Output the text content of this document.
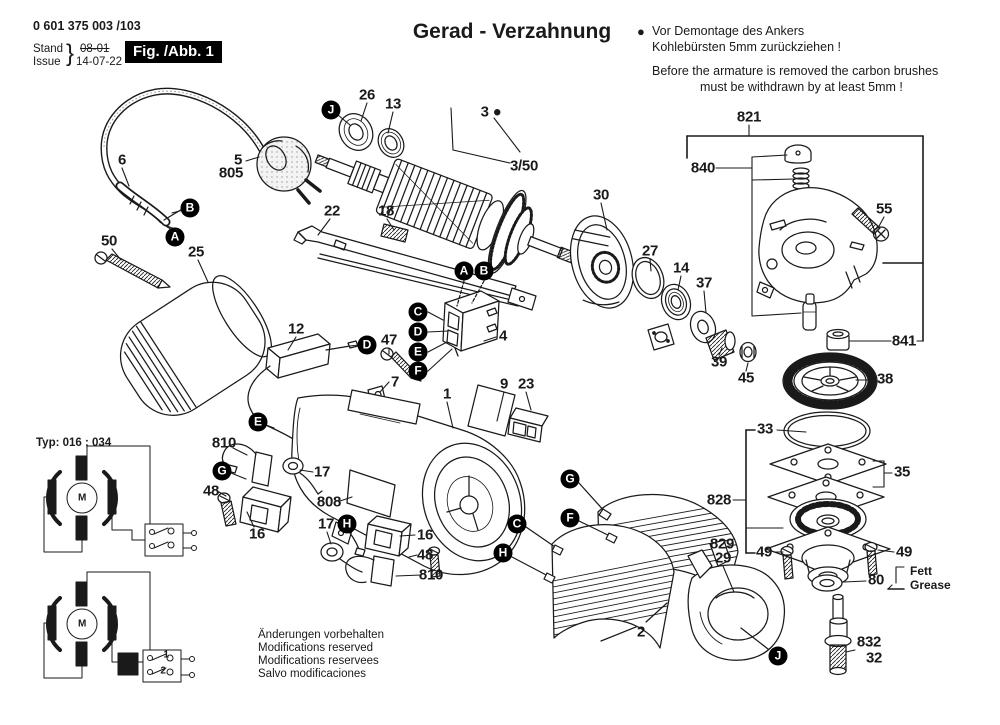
0 601 375 003 /103
Stand
Issue } 08-01
14-07-22
Fig. /Abb. 1
Gerad - Verzahnung ● Vor Demontage des Ankers
Kohlebürsten 5mm zurückziehen !
Before the armature is removed the carbon brushes
must be withdrawn by at least 5mm !
Typ: 016 ; 034
Fett
Grease
Änderungen vorbehalten
Modifications reserved
Modifications reservees
Salvo modificaciones
26
13	3 ●
3/50
30
22	18
821
840
55
841
38
27
14
37
39
45
33
35
828
49	49
80
832
32
829
29
2
4
12
47
7
1
9 23
5
805
6
50
25
810
48
16
17
808
17
16
48
810
M
M
1
2
J
B
A
A B
C
D
E
F
D
E
G
H
G
F
C
H
J
